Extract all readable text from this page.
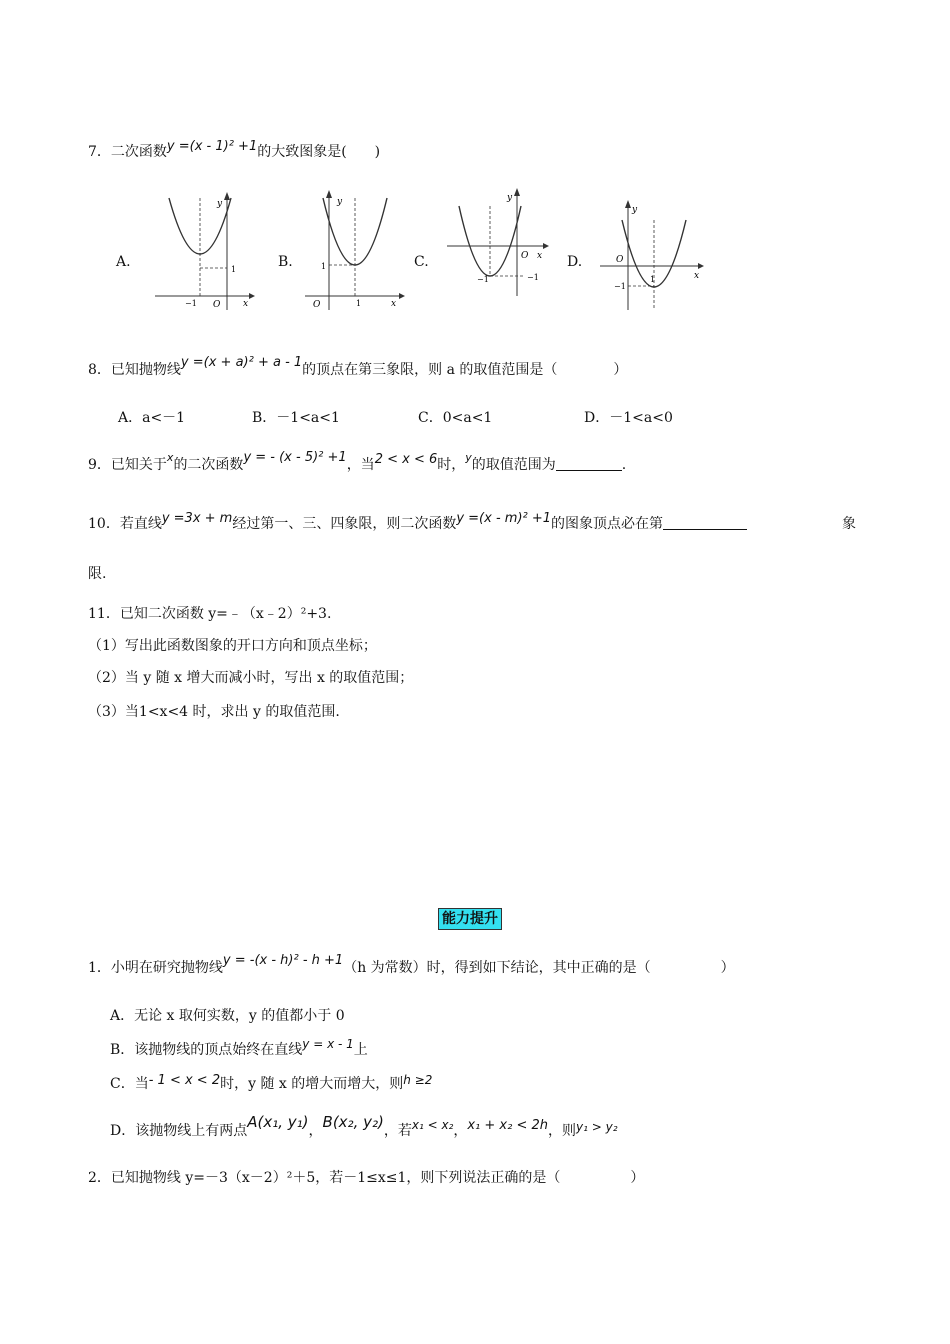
7．二次函数y =(x - 1)² +1的大致图象是(　　)
A.
y
1
−1 O	x
B.
y
1
O	1	x
C.
y
O x
−1	−1
D.
y
O
x
−1
1
8．已知抛物线y =(x + a)² + a - 1的顶点在第三象限，则 a 的取值范围是（　　　　）
A．a<－1	B．－1<a<1	C．0<a<1	D．－1<a<0
9．已知关于$^x$的二次函数y = - (x - 5)² +1，当2 < x < 6时，$^y$的取值范围为	.
10．若直线y =3x + m经过第一、三、四象限，则二次函数y =(x - m)² +1的图象顶点必在第	象
限.
11．已知二次函数 y=﹣（x﹣2）²+3.
（1）写出此函数图象的开口方向和顶点坐标；
（2）当 y 随 x 增大而减小时，写出 x 的取值范围；
（3）当1<x<4 时，求出 y 的取值范围.
能力提升
1．小明在研究抛物线y = -(x - h)² - h +1（h 为常数）时，得到如下结论，其中正确的是（　　　　　）
A．无论 x 取何实数，y 的值都小于 0
B．该抛物线的顶点始终在直线y = x - 1上
C．当- 1 < x < 2时，y 随 x 的增大而增大，则h ≥2
D．该抛物线上有两点A(x₁, y₁)，B(x₂, y₂)，若x₁ < x₂，x₁ + x₂ < 2h，则y₁ > y₂
2．已知抛物线 y=－3（x－2）²＋5，若－1≤x≤1，则下列说法正确的是（　　　　　）
